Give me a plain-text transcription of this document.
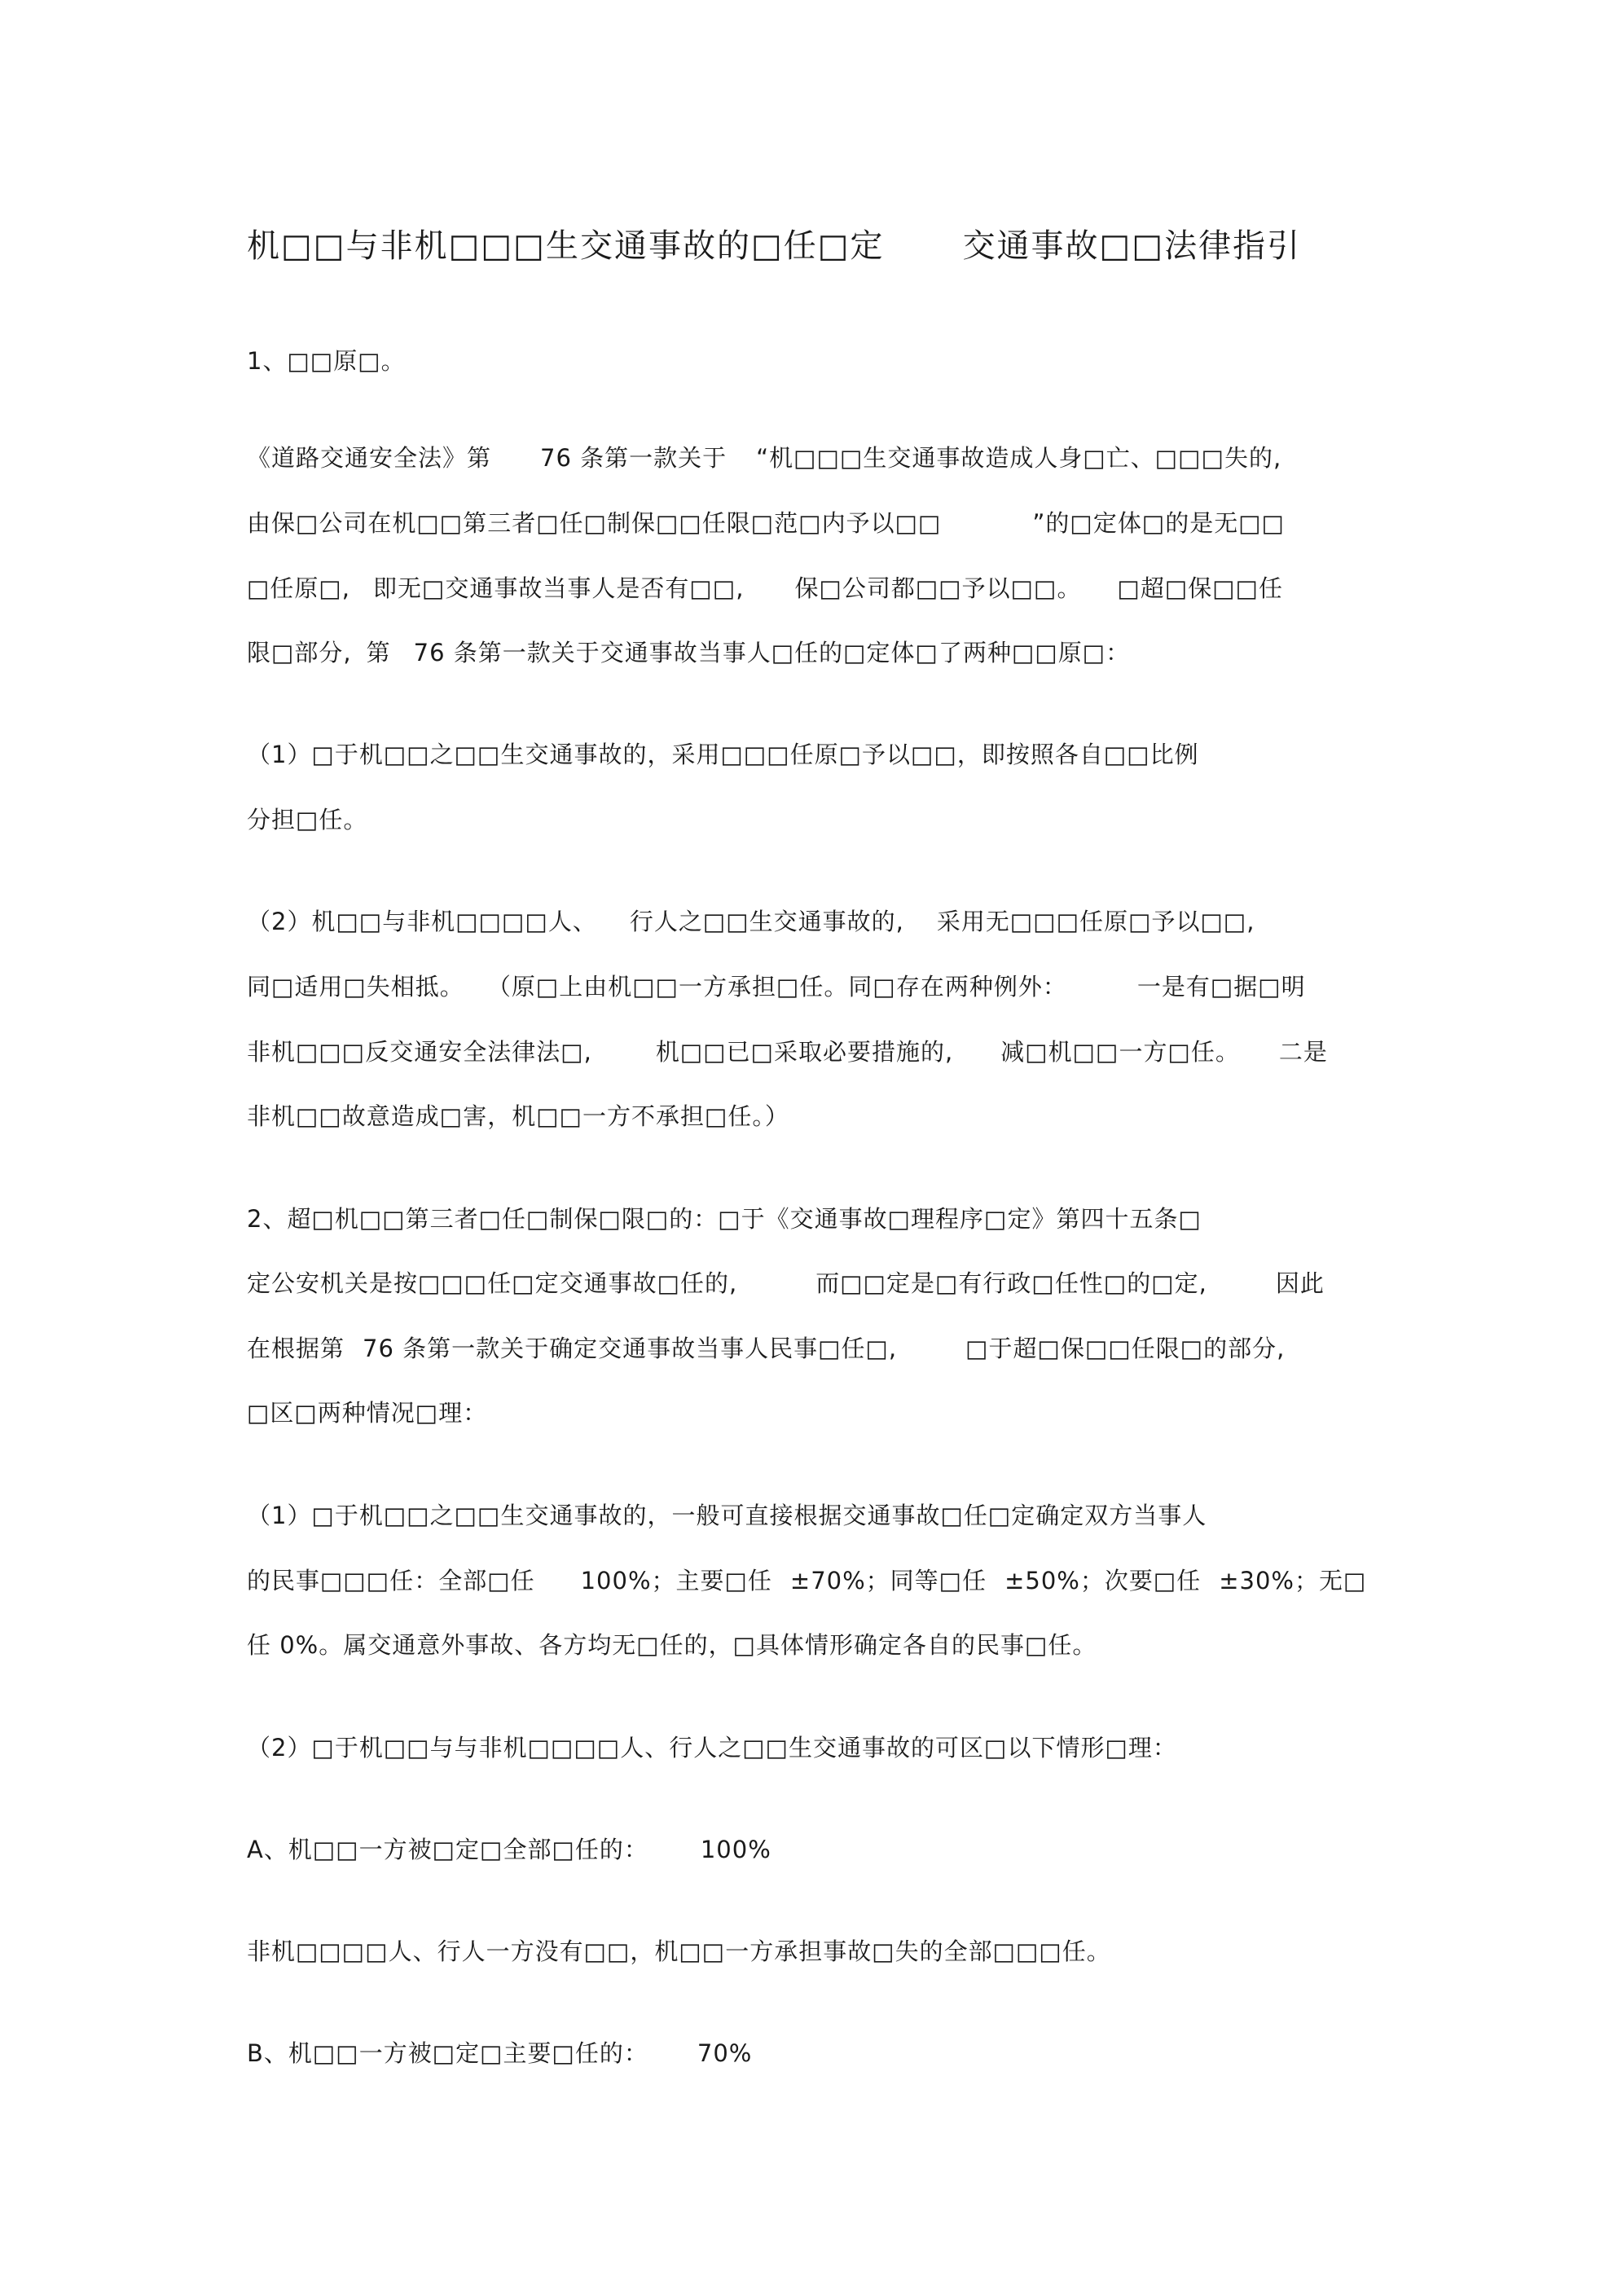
机□□与非机□□□生交通事故的□任□定 交通事故□□法律指引
1、□□原□。
《道路交通安全法》第 76 条第一款关于 “机□□□生交通事故造成人身□亡、□□□失的,
由保□公司在机□□第三者□任□制保□□任限□范□内予以□□	”的□定体□的是无□□
□任原□, 即无□交通事故当事人是否有□□, 保□公司都□□予以□□。 □超□保□□任
限□部分, 第 76 条第一款关于交通事故当事人□任的□定体□了两种□□原□：
（1）□于机□□之□□生交通事故的，采用□□□任原□予以□□，即按照各自□□比例
分担□任。
（2）机□□与非机□□□□人、 行人之□□生交通事故的, 采用无□□□任原□予以□□,
同□适用□失相抵。 （原□上由机□□一方承担□任。同□存在两种例外：	一是有□据□明
非机□□□反交通安全法律法□,	机□□已□采取必要措施的, 减□机□□一方□任。 二是
非机□□故意造成□害，机□□一方不承担□任。）
2、超□机□□第三者□任□制保□限□的：□于《交通事故□理程序□定》第四十五条□
定公安机关是按□□□任□定交通事故□任的,	而□□定是□有行政□任性□的□定,	因此
在根据第 76 条第一款关于确定交通事故当事人民事□任□,	□于超□保□□任限□的部分,
□区□两种情况□理：
（1）□于机□□之□□生交通事故的，一般可直接根据交通事故□任□定确定双方当事人
的民事□□□任：全部□任 100%；主要□任 ±70%；同等□任 ±50%；次要□任 ±30%；无□
任 0%。属交通意外事故、各方均无□任的，□具体情形确定各自的民事□任。
（2）□于机□□与与非机□□□□人、行人之□□生交通事故的可区□以下情形□理：
A、机□□一方被□定□全部□任的： 100%
非机□□□□人、行人一方没有□□，机□□一方承担事故□失的全部□□□任。
B、机□□一方被□定□主要□任的： 70%
